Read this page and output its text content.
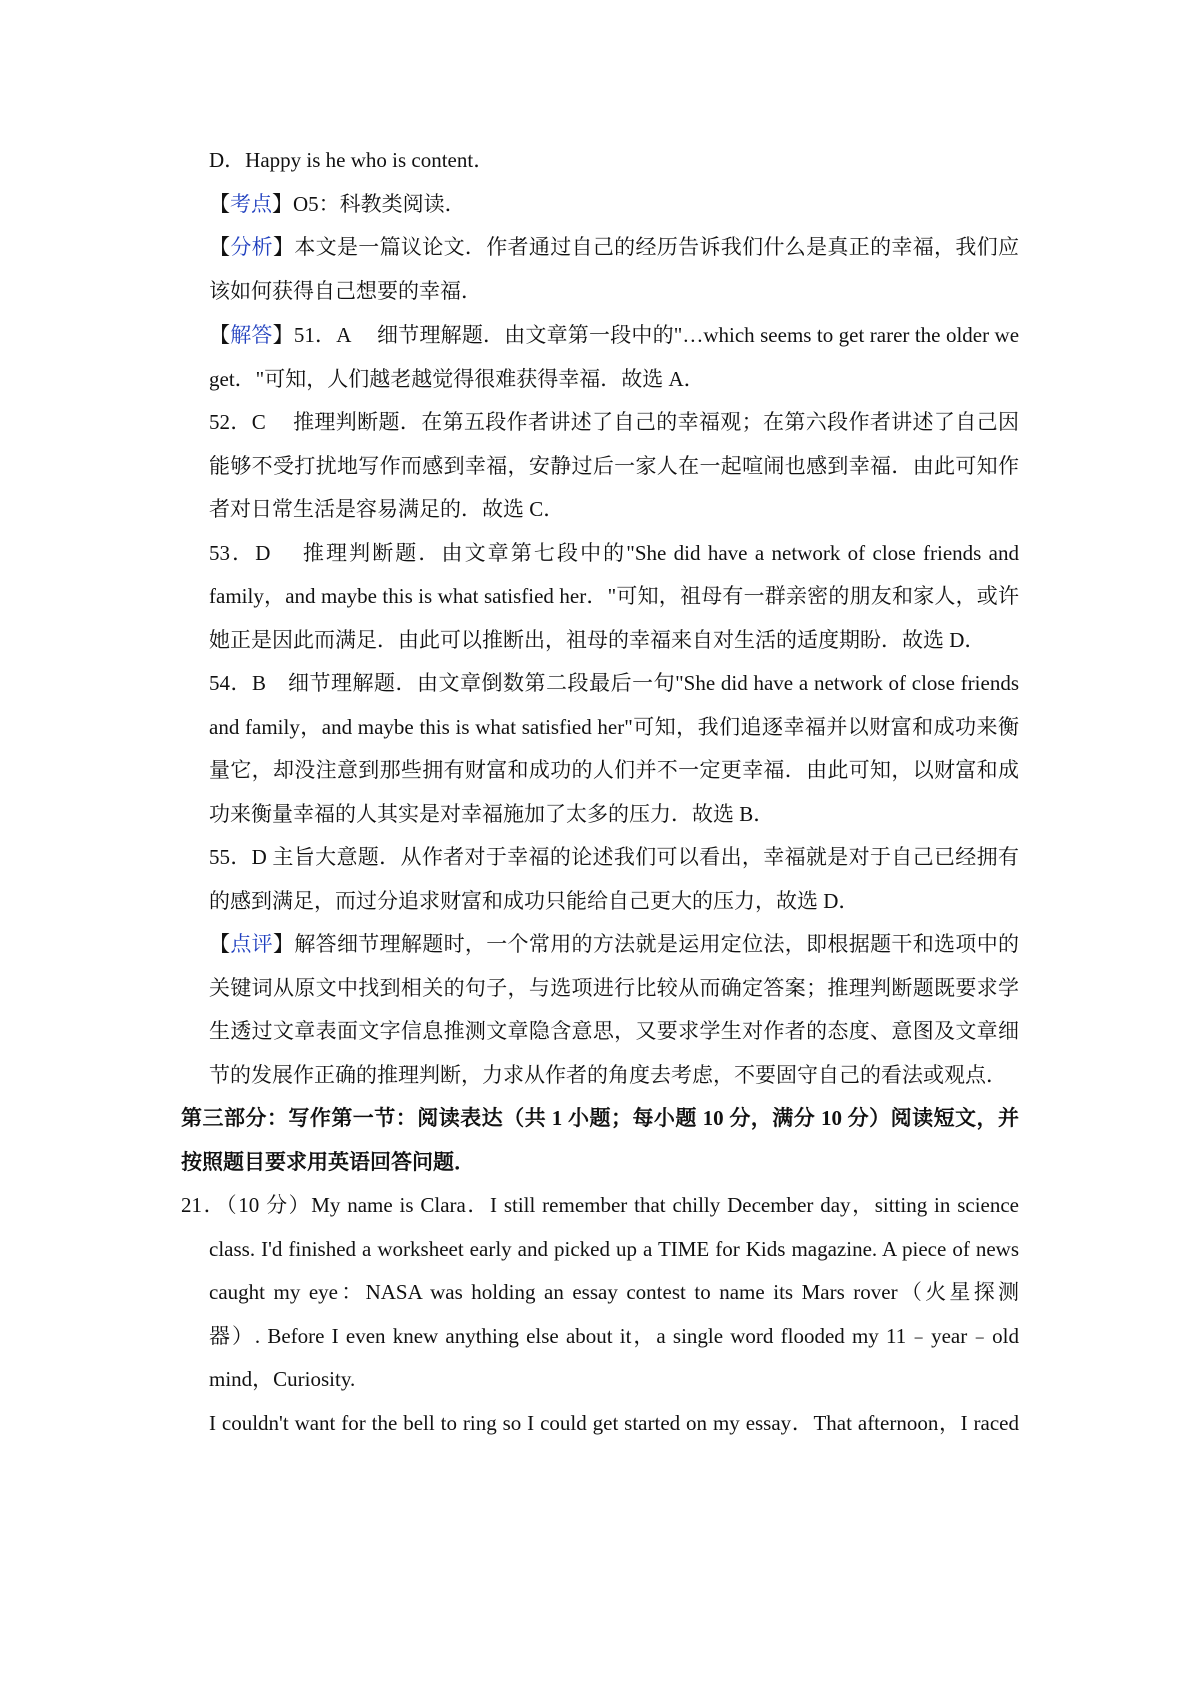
D．Happy is he who is content．
【考点】O5：科教类阅读．
【分析】本文是一篇议论文．作者通过自己的经历告诉我们什么是真正的幸福，我们应
该如何获得自己想要的幸福．
【解答】51．A　 细节理解题．由文章第一段中的"…which seems to get rarer the older we
get．"可知，人们越老越觉得很难获得幸福．故选 A．
52．C　 推理判断题．在第五段作者讲述了自己的幸福观；在第六段作者讲述了自己因
能够不受打扰地写作而感到幸福，安静过后一家人在一起喧闹也感到幸福．由此可知作
者对日常生活是容易满足的．故选 C．
53．D　 推理判断题．由文章第七段中的"She did have a network of close friends and
family，and maybe this is what satisfied her．"可知，祖母有一群亲密的朋友和家人，或许
她正是因此而满足．由此可以推断出，祖母的幸福来自对生活的适度期盼．故选 D．
54．B　细节理解题．由文章倒数第二段最后一句"She did have a network of close friends
and family，and maybe this is what satisfied her"可知，我们追逐幸福并以财富和成功来衡
量它，却没注意到那些拥有财富和成功的人们并不一定更幸福．由此可知，以财富和成
功来衡量幸福的人其实是对幸福施加了太多的压力．故选 B．
55．D 主旨大意题．从作者对于幸福的论述我们可以看出，幸福就是对于自己已经拥有
的感到满足，而过分追求财富和成功只能给自己更大的压力，故选 D．
【点评】解答细节理解题时，一个常用的方法就是运用定位法，即根据题干和选项中的
关键词从原文中找到相关的句子，与选项进行比较从而确定答案；推理判断题既要求学
生透过文章表面文字信息推测文章隐含意思，又要求学生对作者的态度、意图及文章细
节的发展作正确的推理判断，力求从作者的角度去考虑，不要固守自己的看法或观点．
第三部分：写作第一节：阅读表达（共 1 小题；每小题 10 分，满分 10 分）阅读短文，并
按照题目要求用英语回答问题．
21．（10 分）My name is Clara．I still remember that chilly December day，sitting in science
class. I'd finished a worksheet early and picked up a TIME for Kids magazine. A piece of news
caught my eye：NASA was holding an essay contest to name its Mars rover（火星探测
器）. Before I even knew anything else about it，a single word flooded my 11﹣year﹣old
mind，Curiosity.
I couldn't want for the bell to ring so I could get started on my essay．That afternoon，I raced
